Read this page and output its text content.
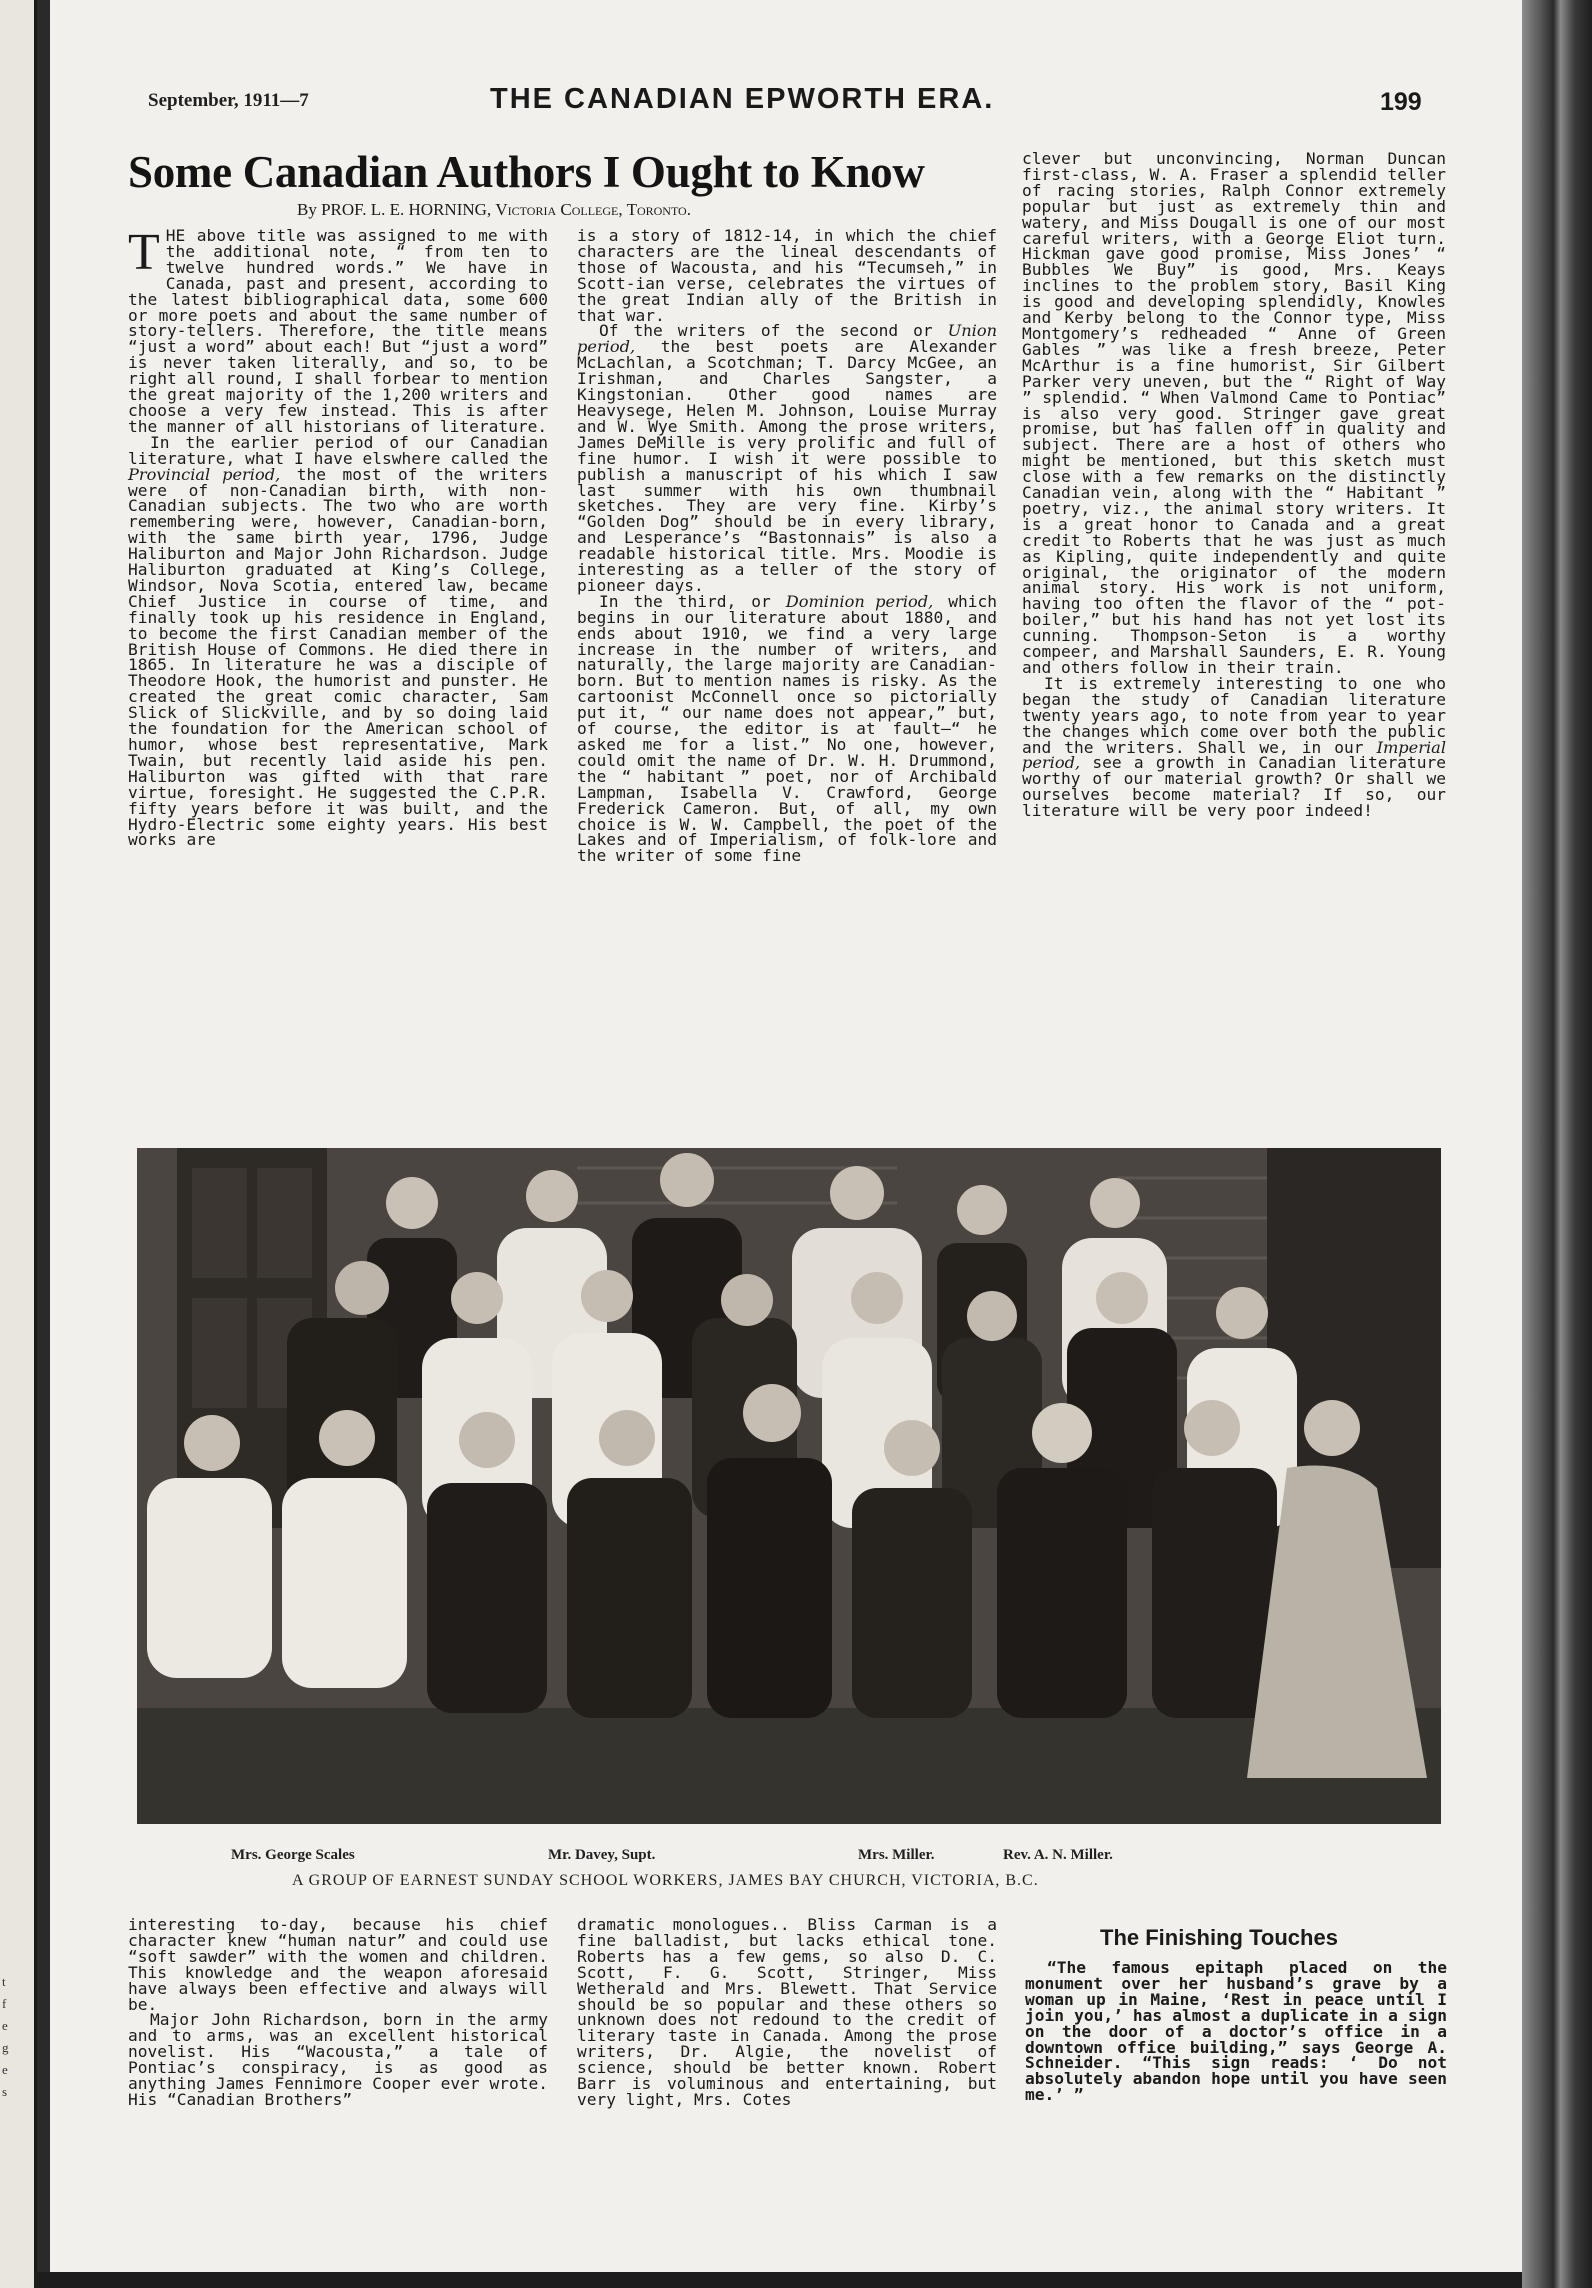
t
f
e
g
e
s
September, 1911—7	THE CANADIAN EPWORTH ERA.	199
Some Canadian Authors I Ought to Know
By PROF. L. E. HORNING, Victoria College, Toronto.

THE above title was assigned to me with the additional note, “ from ten to twelve hundred words.” We have in Canada, past and present, according to the latest bibliographical data, some 600 or more poets and about the same number of story-tellers. Therefore, the title means “just a word” about each! But “just a word” is never taken literally, and so, to be right all round, I shall forbear to mention the great majority of the 1,200 writers and choose a very few instead. This is after the manner of all historians of literature.

In the earlier period of our Canadian literature, what I have elswhere called the Provincial period, the most of the writers were of non-Canadian birth, with non-Canadian subjects. The two who are worth remembering were, however, Canadian-born, with the same birth year, 1796, Judge Haliburton and Major John Richardson. Judge Haliburton graduated at King’s College, Windsor, Nova Scotia, entered law, became Chief Justice in course of time, and finally took up his residence in England, to become the first Canadian member of the British House of Commons. He died there in 1865. In literature he was a disciple of Theodore Hook, the humorist and punster. He created the great comic character, Sam Slick of Slickville, and by so doing laid the foundation for the American school of humor, whose best representative, Mark Twain, but recently laid aside his pen. Haliburton was gifted with that rare virtue, foresight. He suggested the C.P.R. fifty years before it was built, and the Hydro-Electric some eighty years. His best works are

is a story of 1812-14, in which the chief characters are the lineal descendants of those of Wacousta, and his “Tecumseh,” in Scott-ian verse, celebrates the virtues of the great Indian ally of the British in that war.

Of the writers of the second or Union period, the best poets are Alexander McLachlan, a Scotchman; T. Darcy McGee, an Irishman, and Charles Sangster, a Kingstonian. Other good names are Heavysege, Helen M. Johnson, Louise Murray and W. Wye Smith. Among the prose writers, James DeMille is very prolific and full of fine humor. I wish it were possible to publish a manuscript of his which I saw last summer with his own thumbnail sketches. They are very fine. Kirby’s “Golden Dog” should be in every library, and Lesperance’s “Bastonnais” is also a readable historical title. Mrs. Moodie is interesting as a teller of the story of pioneer days.

In the third, or Dominion period, which begins in our literature about 1880, and ends about 1910, we find a very large increase in the number of writers, and naturally, the large majority are Canadian-born. But to mention names is risky. As the cartoonist McConnell once so pictorially put it, “ our name does not appear,” but, of course, the editor is at fault—“ he asked me for a list.” No one, however, could omit the name of Dr. W. H. Drummond, the “ habitant ” poet, nor of Archibald Lampman, Isabella V. Crawford, George Frederick Cameron. But, of all, my own choice is W. W. Campbell, the poet of the Lakes and of Imperialism, of folk-lore and the writer of some fine

clever but unconvincing, Norman Duncan first-class, W. A. Fraser a splendid teller of racing stories, Ralph Connor extremely popular but just as extremely thin and watery, and Miss Dougall is one of our most careful writers, with a George Eliot turn. Hickman gave good promise, Miss Jones’ “ Bubbles We Buy” is good, Mrs. Keays inclines to the problem story, Basil King is good and developing splendidly, Knowles and Kerby belong to the Connor type, Miss Montgomery’s redheaded “ Anne of Green Gables ” was like a fresh breeze, Peter McArthur is a fine humorist, Sir Gilbert Parker very uneven, but the “ Right of Way ” splendid. “ When Valmond Came to Pontiac” is also very good. Stringer gave great promise, but has fallen off in quality and subject. There are a host of others who might be mentioned, but this sketch must close with a few remarks on the distinctly Canadian vein, along with the “ Habitant ” poetry, viz., the animal story writers. It is a great honor to Canada and a great credit to Roberts that he was just as much as Kipling, quite independently and quite original, the originator of the modern animal story. His work is not uniform, having too often the flavor of the “ pot-boiler,” but his hand has not yet lost its cunning. Thompson-Seton is a worthy compeer, and Marshall Saunders, E. R. Young and others follow in their train.

It is extremely interesting to one who began the study of Canadian literature twenty years ago, to note from year to year the changes which come over both the public and the writers. Shall we, in our Imperial period, see a growth in Canadian literature worthy of our material growth? Or shall we ourselves become material? If so, our literature will be very poor indeed!

Mrs. George Scales	Mr. Davey, Supt.	Mrs. Miller.	Rev. A. N. Miller.
A GROUP OF EARNEST SUNDAY SCHOOL WORKERS, JAMES BAY CHURCH, VICTORIA, B.C.

interesting to-day, because his chief character knew “human natur” and could use “soft sawder” with the women and children. This knowledge and the weapon aforesaid have always been effective and always will be.

Major John Richardson, born in the army and to arms, was an excellent historical novelist. His “Wacousta,” a tale of Pontiac’s conspiracy, is as good as anything James Fennimore Cooper ever wrote. His “Canadian Brothers”

dramatic monologues.. Bliss Carman is a fine balladist, but lacks ethical tone. Roberts has a few gems, so also D. C. Scott, F. G. Scott, Stringer, Miss Wetherald and Mrs. Blewett. That Service should be so popular and these others so unknown does not redound to the credit of literary taste in Canada. Among the prose writers, Dr. Algie, the novelist of science, should be better known. Robert Barr is voluminous and entertaining, but very light, Mrs. Cotes

The Finishing Touches

“The famous epitaph placed on the monument over her husband’s grave by a woman up in Maine, ‘Rest in peace until I join you,’ has almost a duplicate in a sign on the door of a doctor’s office in a downtown office building,” says George A. Schneider. “This sign reads: ‘ Do not absolutely abandon hope until you have seen me.’ ”
